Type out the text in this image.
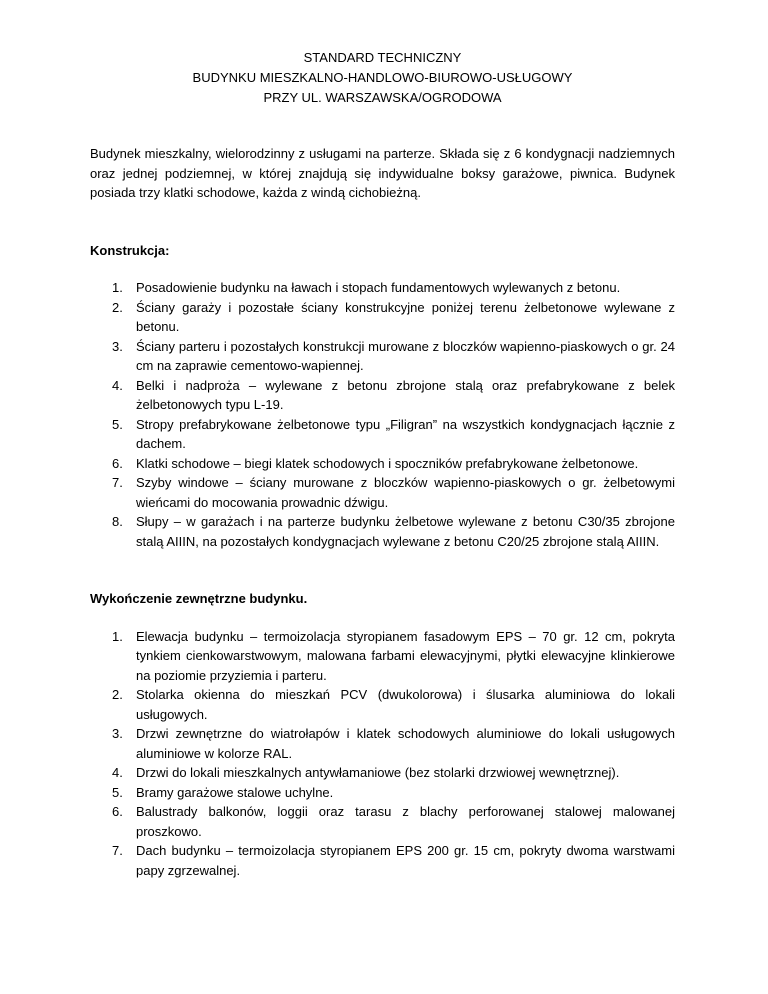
STANDARD TECHNICZNY
BUDYNKU MIESZKALNO-HANDLOWO-BIUROWO-USŁUGOWY
PRZY UL. WARSZAWSKA/OGRODOWA

Budynek mieszkalny, wielorodzinny z usługami na parterze. Składa się z 6 kondygnacji nadziemnych oraz jednej podziemnej, w której znajdują się indywidualne boksy garażowe, piwnica. Budynek posiada trzy klatki schodowe, każda z windą cichobieżną.

Konstrukcja:
1. Posadowienie budynku na ławach i stopach fundamentowych wylewanych z betonu.
2. Ściany garaży i pozostałe ściany konstrukcyjne poniżej terenu żelbetonowe wylewane z betonu.
3. Ściany parteru i pozostałych konstrukcji murowane z bloczków wapienno-piaskowych o gr. 24 cm na zaprawie cementowo-wapiennej.
4. Belki i nadproża – wylewane z betonu zbrojone stalą oraz prefabrykowane z belek żelbetonowych typu L-19.
5. Stropy prefabrykowane żelbetonowe typu „Filigran” na wszystkich kondygnacjach łącznie z dachem.
6. Klatki schodowe – biegi klatek schodowych i spoczników prefabrykowane żelbetonowe.
7. Szyby windowe – ściany murowane z bloczków wapienno-piaskowych o gr. żelbetowymi wieńcami do mocowania prowadnic dźwigu.
8. Słupy – w garażach i na parterze budynku żelbetowe wylewane z betonu C30/35 zbrojone stalą AIIIN, na pozostałych kondygnacjach wylewane z betonu C20/25 zbrojone stalą AIIIN.
Wykończenie zewnętrzne budynku.
1. Elewacja budynku – termoizolacja styropianem fasadowym EPS – 70 gr. 12 cm, pokryta tynkiem cienkowarstwowym, malowana farbami elewacyjnymi, płytki elewacyjne klinkierowe na poziomie przyziemia i parteru.
2. Stolarka okienna do mieszkań PCV (dwukolorowa) i ślusarka aluminiowa do lokali usługowych.
3. Drzwi zewnętrzne do wiatrołapów i klatek schodowych aluminiowe do lokali usługowych aluminiowe w kolorze RAL.
4. Drzwi do lokali mieszkalnych antywłamaniowe (bez stolarki drzwiowej wewnętrznej).
5. Bramy garażowe stalowe uchylne.
6. Balustrady balkonów, loggii oraz tarasu z blachy perforowanej stalowej malowanej proszkowo.
7. Dach budynku – termoizolacja styropianem EPS 200 gr. 15 cm, pokryty dwoma warstwami papy zgrzewalnej.
